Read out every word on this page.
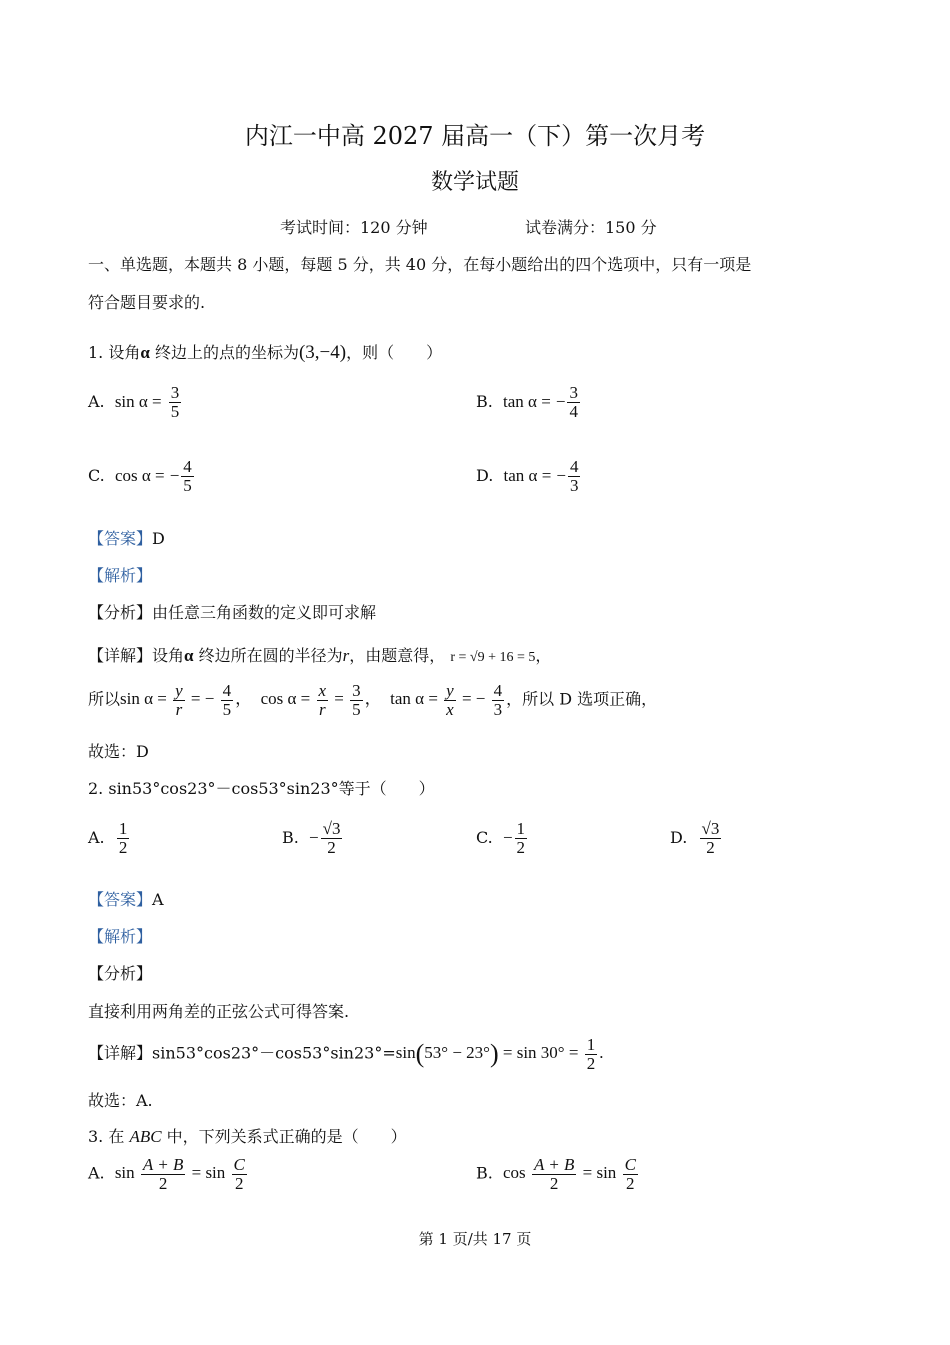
内江一中高 2027 届高一（下）第一次月考
数学试题
考试时间：120 分钟	试卷满分：150 分
一、单选题，本题共 8 小题，每题 5 分，共 40 分，在每小题给出的四个选项中，只有一项是
符合题目要求的.
1. 设角α 终边上的点的坐标为(3,−4)，则（　　）
A. $\sin \alpha = \frac{3}{5}$	B. tan α = − $\frac{3}{4}$
C. cos α = − $\frac{4}{5}$	D. tan α = − $\frac{4}{3}$
【答案】D
【解析】
【分析】由任意三角函数的定义即可求解
【详解】设角α 终边所在圆的半径为r，由题意得， r = √9 + 16 = 5，
所以$\sin \alpha = \frac{y}{r}$ = − $\frac{4}{5}$ ，  $\cos \alpha = \frac{x}{r} = \frac{3}{5}$ ，  $\tan \alpha = \frac{y}{x}$ = − $\frac{4}{3}$ ，所以 D 选项正确，
故选：D
2. sin53°cos23°－cos53°sin23°等于（　　）
A. $\frac{1}{2}$	B. − $\frac{√3}{2}$	C. − $\frac{1}{2}$	D. $\frac{√3}{2}$
【答案】A
【解析】
【分析】
直接利用两角差的正弦公式可得答案.
【详解】$\sin 53^\circ\cos 23^\circ-\cos 53^\circ\sin 23^\circ=\sin(53^\circ - 23^\circ) = \sin 30^\circ = \frac{1}{2}$ .
故选：A.
3. 在 ABC 中，下列关系式正确的是（　　）
A. $\sin \frac{A + B}{2} = \sin \frac{C}{2}$	B. $\cos \frac{A + B}{2} = \sin \frac{C}{2}$
第 1 页/共 17 页
